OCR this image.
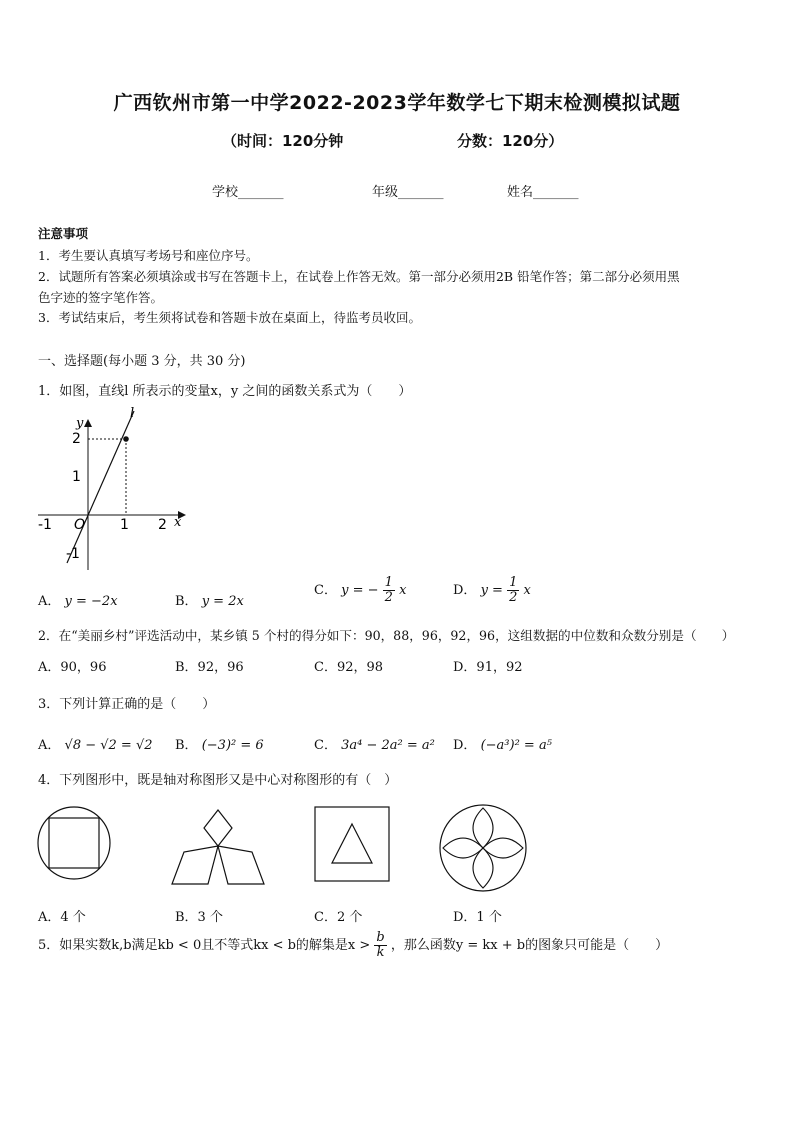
广西钦州市第一中学2022-2023学年数学七下期末检测模拟试题
（时间：120分钟	分数：120分）
学校_______	年级_______	姓名_______
注意事项
1．考生要认真填写考场号和座位序号。
2．试题所有答案必须填涂或书写在答题卡上，在试卷上作答无效。第一部分必须用2B 铅笔作答；第二部分必须用黑
色字迹的签字笔作答。
3．考试结束后，考生须将试卷和答题卡放在桌面上，待监考员收回。
一、选择题(每小题 3 分，共 30 分)
1．如图，直线l 所表示的变量x，y 之间的函数关系式为（　　）
y
l
x
2
1
-1
-1 O 1 2
A． y = −2x	B． y = 2x
C． y = − $\frac{1}{2}$ x	D． $y = \frac{1}{2}$ x
2．在“美丽乡村”评选活动中，某乡镇 5 个村的得分如下：90，88，96，92，96，这组数据的中位数和众数分别是（　　）
A．90，96	B．92，96	C．92，98	D．91，92
3．下列计算正确的是（　　）
A． √8 − √2 = √2 B． (−3)² = 6	C． 3a⁴ − 2a² = a² D． (−a³)² = a⁵
4．下列图形中，既是轴对称图形又是中心对称图形的有（　）
A．4 个	B．3 个	C．2 个	D．1 个
5．如果实数k,b满足kb < 0且不等式kx < b的解集是$x > \frac{b}{k}$ ，那么函数y = kx + b的图象只可能是（　　）
